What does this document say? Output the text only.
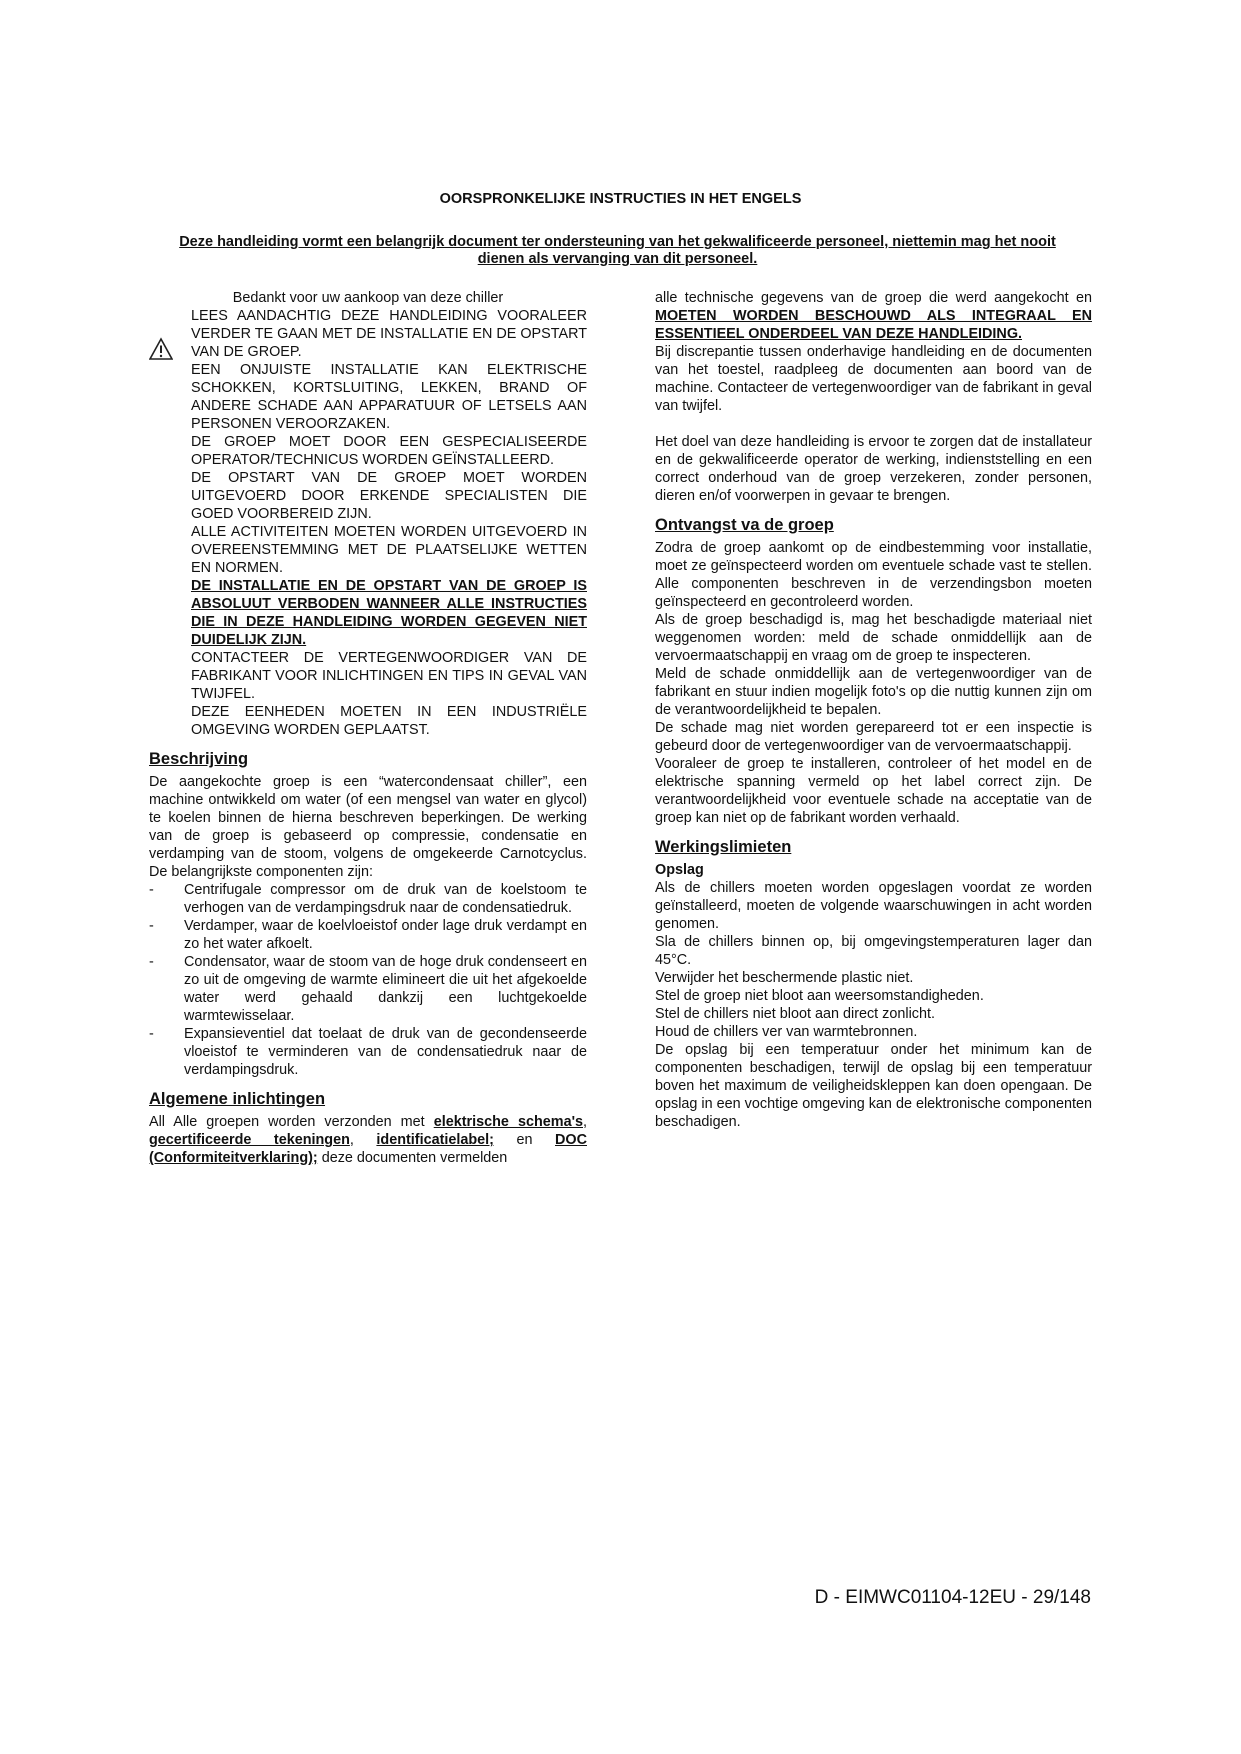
OORSPRONKELIJKE INSTRUCTIES IN HET ENGELS
Deze handleiding vormt een belangrijk document ter ondersteuning van het gekwalificeerde personeel, niettemin mag het nooit dienen als vervanging van dit personeel.

Bedankt voor uw aankoop van deze chiller

LEES AANDACHTIG DEZE HANDLEIDING VOORALEER VERDER TE GAAN MET DE INSTALLATIE EN DE OPSTART VAN DE GROEP.

EEN ONJUISTE INSTALLATIE KAN ELEKTRISCHE SCHOKKEN, KORTSLUITING, LEKKEN, BRAND OF ANDERE SCHADE AAN APPARATUUR OF LETSELS AAN PERSONEN VEROORZAKEN.

DE GROEP MOET DOOR EEN GESPECIALISEERDE OPERATOR/TECHNICUS WORDEN GEÏNSTALLEERD.

DE OPSTART VAN DE GROEP MOET WORDEN UITGEVOERD DOOR ERKENDE SPECIALISTEN DIE GOED VOORBEREID ZIJN.

ALLE ACTIVITEITEN MOETEN WORDEN UITGEVOERD IN OVEREENSTEMMING MET DE PLAATSELIJKE WETTEN EN NORMEN.

DE INSTALLATIE EN DE OPSTART VAN DE GROEP IS ABSOLUUT VERBODEN WANNEER ALLE INSTRUCTIES DIE IN DEZE HANDLEIDING WORDEN GEGEVEN NIET DUIDELIJK ZIJN.

CONTACTEER DE VERTEGENWOORDIGER VAN DE FABRIKANT VOOR INLICHTINGEN EN TIPS IN GEVAL VAN TWIJFEL.

DEZE EENHEDEN MOETEN IN EEN INDUSTRIËLE OMGEVING WORDEN GEPLAATST.

Beschrijving

De aangekochte groep is een “watercondensaat chiller”, een machine ontwikkeld om water (of een mengsel van water en glycol) te koelen binnen de hierna beschreven beperkingen. De werking van de groep is gebaseerd op compressie, condensatie en verdamping van de stoom, volgens de omgekeerde Carnotcyclus. De belangrijkste componenten zijn:

- Centrifugale compressor om de druk van de koelstoom te verhogen van de verdampingsdruk naar de condensatiedruk.
- Verdamper, waar de koelvloeistof onder lage druk verdampt en zo het water afkoelt.
- Condensator, waar de stoom van de hoge druk condenseert en zo uit de omgeving de warmte elimineert die uit het afgekoelde water werd gehaald dankzij een luchtgekoelde warmtewisselaar.
- Expansieventiel dat toelaat de druk van de gecondenseerde vloeistof te verminderen van de condensatiedruk naar de verdampingsdruk.
Algemene inlichtingen

All Alle groepen worden verzonden met elektrische schema's, gecertificeerde tekeningen, identificatielabel; en DOC (Conformiteitverklaring); deze documenten vermelden

alle technische gegevens van de groep die werd aangekocht en MOETEN WORDEN BESCHOUWD ALS INTEGRAAL EN ESSENTIEEL ONDERDEEL VAN DEZE HANDLEIDING.

Bij discrepantie tussen onderhavige handleiding en de documenten van het toestel, raadpleeg de documenten aan boord van de machine. Contacteer de vertegenwoordiger van de fabrikant in geval van twijfel.

Het doel van deze handleiding is ervoor te zorgen dat de installateur en de gekwalificeerde operator de werking, indienststelling en een correct onderhoud van de groep verzekeren, zonder personen, dieren en/of voorwerpen in gevaar te brengen.

Ontvangst va de groep

Zodra de groep aankomt op de eindbestemming voor installatie, moet ze geïnspecteerd worden om eventuele schade vast te stellen. Alle componenten beschreven in de verzendingsbon moeten geïnspecteerd en gecontroleerd worden.

Als de groep beschadigd is, mag het beschadigde materiaal niet weggenomen worden: meld de schade onmiddellijk aan de vervoermaatschappij en vraag om de groep te inspecteren.

Meld de schade onmiddellijk aan de vertegenwoordiger van de fabrikant en stuur indien mogelijk foto's op die nuttig kunnen zijn om de verantwoordelijkheid te bepalen.

De schade mag niet worden gerepareerd tot er een inspectie is gebeurd door de vertegenwoordiger van de vervoermaatschappij.

Vooraleer de groep te installeren, controleer of het model en de elektrische spanning vermeld op het label correct zijn. De verantwoordelijkheid voor eventuele schade na acceptatie van de groep kan niet op de fabrikant worden verhaald.

Werkingslimieten

Opslag

Als de chillers moeten worden opgeslagen voordat ze worden geïnstalleerd, moeten de volgende waarschuwingen in acht worden genomen.

Sla de chillers binnen op, bij omgevingstemperaturen lager dan 45°C.

Verwijder het beschermende plastic niet.

Stel de groep niet bloot aan weersomstandigheden.

Stel de chillers niet bloot aan direct zonlicht.

Houd de chillers ver van warmtebronnen.

De opslag bij een temperatuur onder het minimum kan de componenten beschadigen, terwijl de opslag bij een temperatuur boven het maximum de veiligheidskleppen kan doen opengaan. De opslag in een vochtige omgeving kan de elektronische componenten beschadigen.

D - EIMWC01104-12EU - 29/148
